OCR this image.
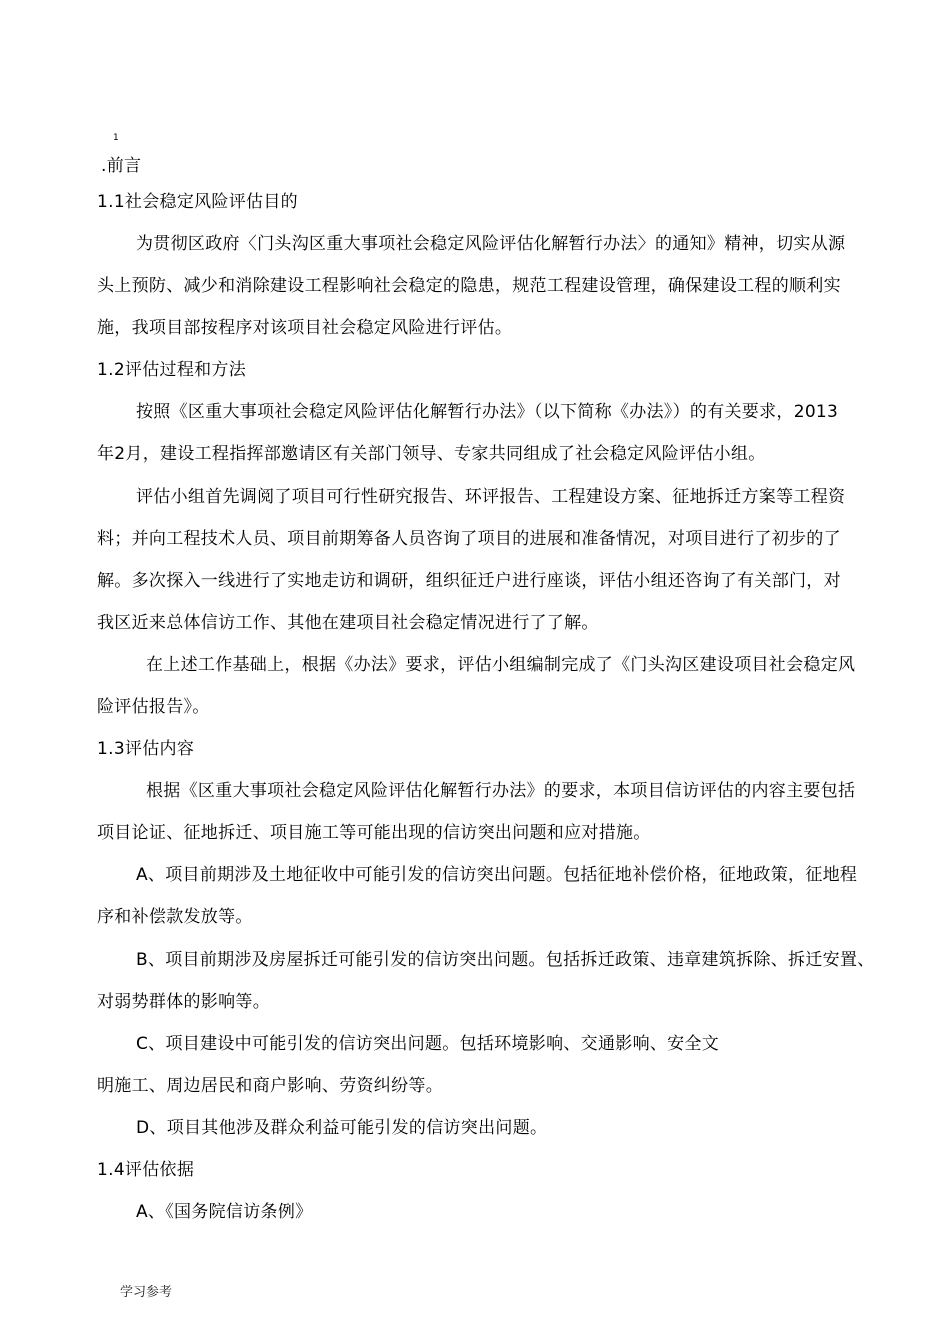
1
.前言
1.1社会稳定风险评估目的
为贯彻区政府〈门头沟区重大事项社会稳定风险评估化解暂行办法〉的通知》精神，切实从源
头上预防、减少和消除建设工程影响社会稳定的隐患，规范工程建设管理，确保建设工程的顺利实
施，我项目部按程序对该项目社会稳定风险进行评估。
1.2评估过程和方法
按照《区重大事项社会稳定风险评估化解暂行办法》（以下简称《办法》）的有关要求，2013
年2月，建设工程指挥部邀请区有关部门领导、专家共同组成了社会稳定风险评估小组。
评估小组首先调阅了项目可行性研究报告、环评报告、工程建设方案、征地拆迁方案等工程资
料；并向工程技术人员、项目前期筹备人员咨询了项目的进展和准备情况，对项目进行了初步的了
解。多次探入一线进行了实地走访和调研，组织征迁户进行座谈，评估小组还咨询了有关部门，对
我区近来总体信访工作、其他在建项目社会稳定情况进行了了解。
在上述工作基础上，根据《办法》要求，评估小组编制完成了《门头沟区建设项目社会稳定风
险评估报告》。
1.3评估内容
根据《区重大事项社会稳定风险评估化解暂行办法》的要求，本项目信访评估的内容主要包括
项目论证、征地拆迁、项目施工等可能出现的信访突出问题和应对措施。
A、项目前期涉及土地征收中可能引发的信访突出问题。包括征地补偿价格，征地政策，征地程
序和补偿款发放等。
B、项目前期涉及房屋拆迁可能引发的信访突出问题。包括拆迁政策、违章建筑拆除、拆迁安置、
对弱势群体的影响等。
C、项目建设中可能引发的信访突出问题。包括环境影响、交通影响、安全文
明施工、周边居民和商户影响、劳资纠纷等。
D、项目其他涉及群众利益可能引发的信访突出问题。
1.4评估依据
A、《国务院信访条例》
学习参考
